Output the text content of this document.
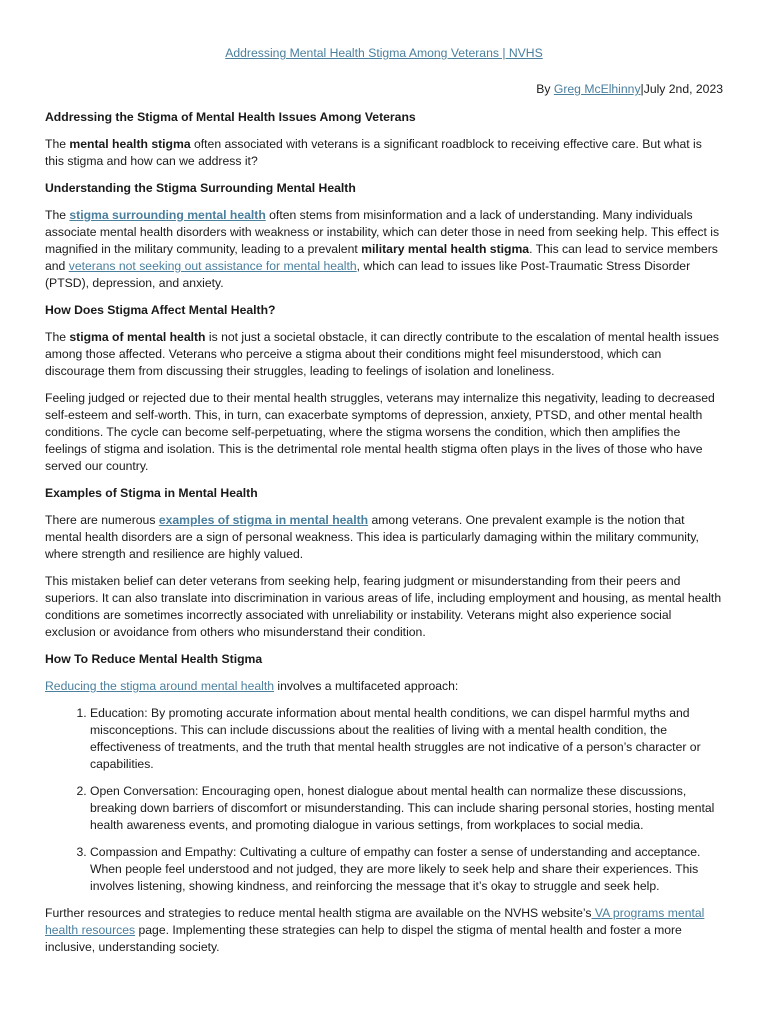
Addressing Mental Health Stigma Among Veterans | NVHS

By Greg McElhinny|July 2nd, 2023

Addressing the Stigma of Mental Health Issues Among Veterans

The mental health stigma often associated with veterans is a significant roadblock to receiving effective care. But what is this stigma and how can we address it?

Understanding the Stigma Surrounding Mental Health

The stigma surrounding mental health often stems from misinformation and a lack of understanding. Many individuals associate mental health disorders with weakness or instability, which can deter those in need from seeking help. This effect is magnified in the military community, leading to a prevalent military mental health stigma. This can lead to service members and veterans not seeking out assistance for mental health, which can lead to issues like Post-Traumatic Stress Disorder (PTSD), depression, and anxiety.

How Does Stigma Affect Mental Health?

The stigma of mental health is not just a societal obstacle, it can directly contribute to the escalation of mental health issues among those affected. Veterans who perceive a stigma about their conditions might feel misunderstood, which can discourage them from discussing their struggles, leading to feelings of isolation and loneliness.

Feeling judged or rejected due to their mental health struggles, veterans may internalize this negativity, leading to decreased self-esteem and self-worth. This, in turn, can exacerbate symptoms of depression, anxiety, PTSD, and other mental health conditions. The cycle can become self-perpetuating, where the stigma worsens the condition, which then amplifies the feelings of stigma and isolation. This is the detrimental role mental health stigma often plays in the lives of those who have served our country.

Examples of Stigma in Mental Health

There are numerous examples of stigma in mental health among veterans. One prevalent example is the notion that mental health disorders are a sign of personal weakness. This idea is particularly damaging within the military community, where strength and resilience are highly valued.

This mistaken belief can deter veterans from seeking help, fearing judgment or misunderstanding from their peers and superiors. It can also translate into discrimination in various areas of life, including employment and housing, as mental health conditions are sometimes incorrectly associated with unreliability or instability. Veterans might also experience social exclusion or avoidance from others who misunderstand their condition.

How To Reduce Mental Health Stigma

Reducing the stigma around mental health involves a multifaceted approach:

1. Education: By promoting accurate information about mental health conditions, we can dispel harmful myths and misconceptions. This can include discussions about the realities of living with a mental health condition, the effectiveness of treatments, and the truth that mental health struggles are not indicative of a person’s character or capabilities.
2. Open Conversation: Encouraging open, honest dialogue about mental health can normalize these discussions, breaking down barriers of discomfort or misunderstanding. This can include sharing personal stories, hosting mental health awareness events, and promoting dialogue in various settings, from workplaces to social media.
3. Compassion and Empathy: Cultivating a culture of empathy can foster a sense of understanding and acceptance. When people feel understood and not judged, they are more likely to seek help and share their experiences. This involves listening, showing kindness, and reinforcing the message that it’s okay to struggle and seek help.

Further resources and strategies to reduce mental health stigma are available on the NVHS website’s VA programs mental health resources page. Implementing these strategies can help to dispel the stigma of mental health and foster a more inclusive, understanding society.
